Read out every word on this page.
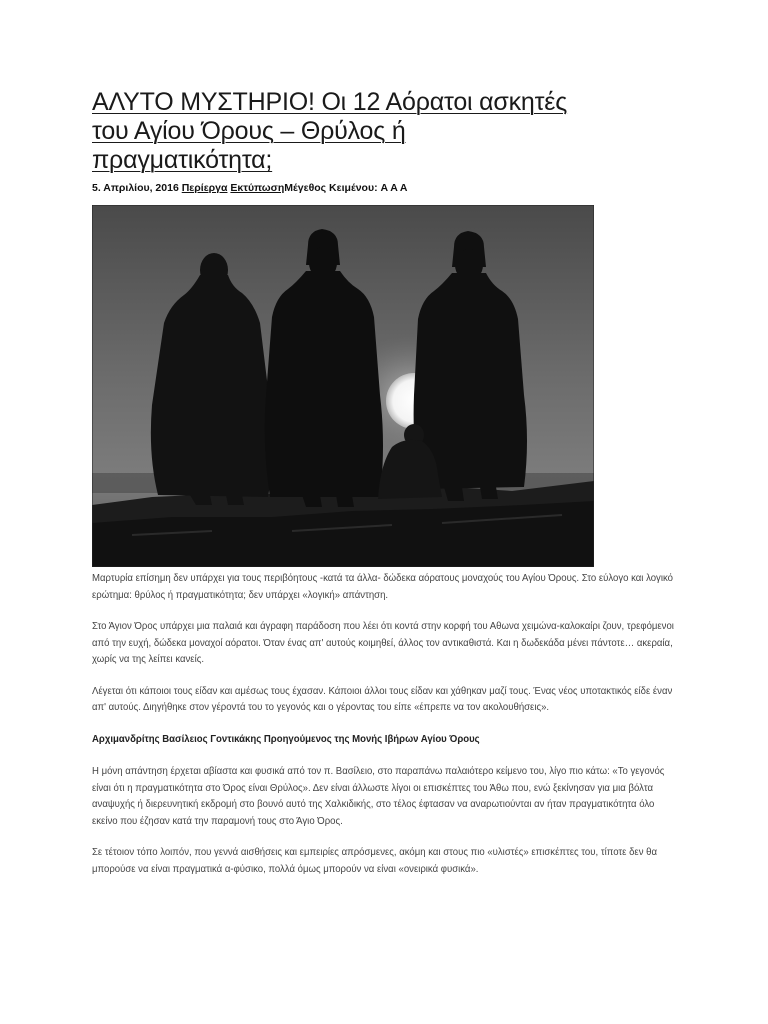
ΑΛΥΤΟ ΜΥΣΤΗΡΙΟ! Οι 12 Αόρατοι ασκητές
του Αγίου Όρους – Θρύλος ή
πραγματικότητα;
5. Απριλίου, 2016 Περίεργα ΕκτύπωσηΜέγεθος Κειμένου: A A A

Μαρτυρία επίσημη δεν υπάρχει για τους περιβόητους -κατά τα άλλα- δώδεκα αόρατους μοναχούς του Αγίου Όρους. Στο εύλογο και λογικό ερώτημα: θρύλος ή πραγματικότητα; δεν υπάρχει «λογική» απάντηση.

Στο Άγιον Όρος υπάρχει μια παλαιά και άγραφη παράδοση που λέει ότι κοντά στην κορφή του Αθωνα χειμώνα-καλοκαίρι ζουν, τρεφόμενοι από την ευχή, δώδεκα μοναχοί αόρατοι. Όταν ένας απ' αυτούς κοιμηθεί, άλλος τον αντικαθιστά. Και η δωδεκάδα μένει πάντοτε… ακεραία, χωρίς να της λείπει κανείς.

Λέγεται ότι κάποιοι τους είδαν και αμέσως τους έχασαν. Κάποιοι άλλοι τους είδαν και χάθηκαν μαζί τους. Ένας νέος υποτακτικός είδε έναν απ' αυτούς. Διηγήθηκε στον γέροντά του το γεγονός και ο γέροντας του είπε «έπρεπε να τον ακολουθήσεις».

Αρχιμανδρίτης Βασίλειος Γοντικάκης Προηγούμενος της Μονής Ιβήρων Αγίου Όρους

Η μόνη απάντηση έρχεται αβίαστα και φυσικά από τον π. Βασίλειο, στο παραπάνω παλαιότερο κείμενο του, λίγο πιο κάτω: «Το γεγονός είναι ότι η πραγματικότητα στο Όρος είναι Θρύλος». Δεν είναι άλλωστε λίγοι οι επισκέπτες του Άθω που, ενώ ξεκίνησαν για μια βόλτα αναψυχής ή διερευνητική εκδρομή στο βουνό αυτό της Χαλκιδικής, στο τέλος έφτασαν να αναρωτιούνται αν ήταν πραγματικότητα όλο εκείνο που έζησαν κατά την παραμονή τους στο Άγιο Όρος.

Σε τέτοιον τόπο λοιπόν, που γεννά αισθήσεις και εμπειρίες απρόσμενες, ακόμη και στους πιο «υλιστές» επισκέπτες του, τίποτε δεν θα μπορούσε να είναι πραγματικά α-φύσικο, πολλά όμως μπορούν να είναι «ονειρικά φυσικά».
